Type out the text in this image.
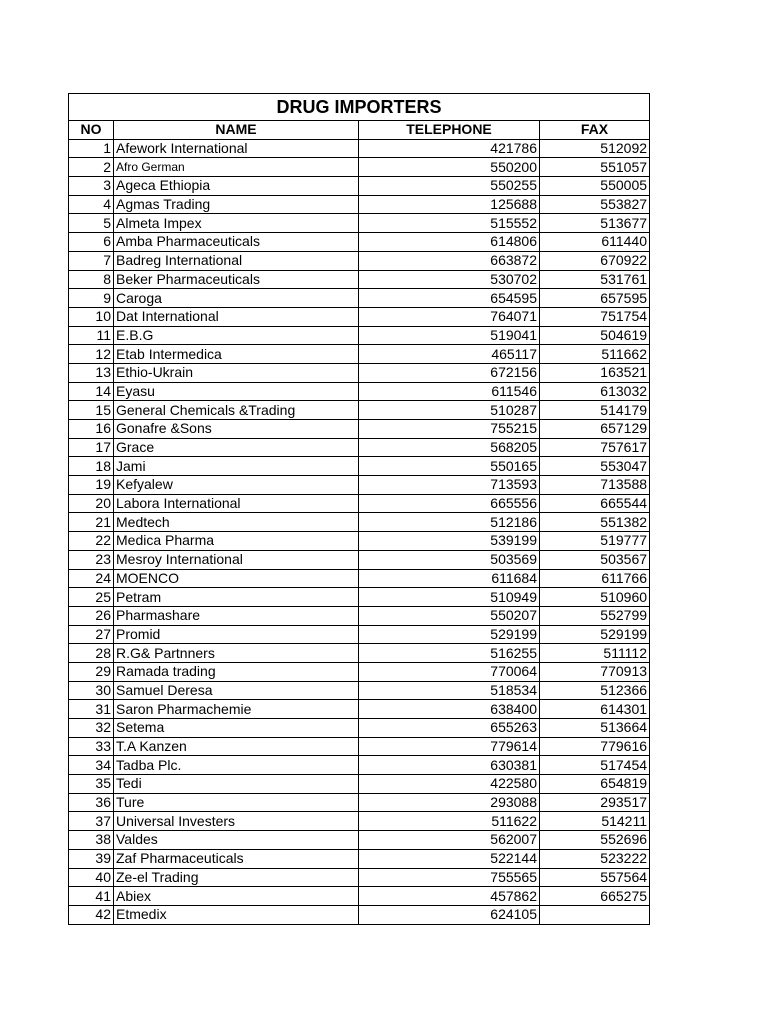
DRUG IMPORTERS			
NO	NAME	TELEPHONE	FAX
1	Afework International	421786	512092
2	Afro German	550200	551057
3	Ageca Ethiopia	550255	550005
4	Agmas Trading	125688	553827
5	Almeta Impex	515552	513677
6	Amba Pharmaceuticals	614806	611440
7	Badreg International	663872	670922
8	Beker Pharmaceuticals	530702	531761
9	Caroga	654595	657595
10	Dat International	764071	751754
11	E.B.G	519041	504619
12	Etab Intermedica	465117	511662
13	Ethio-Ukrain	672156	163521
14	Eyasu	611546	613032
15	General Chemicals &Trading	510287	514179
16	Gonafre &Sons	755215	657129
17	Grace	568205	757617
18	Jami	550165	553047
19	Kefyalew	713593	713588
20	Labora International	665556	665544
21	Medtech	512186	551382
22	Medica Pharma	539199	519777
23	Mesroy International	503569	503567
24	MOENCO	611684	611766
25	Petram	510949	510960
26	Pharmashare	550207	552799
27	Promid	529199	529199
28	R.G& Partnners	516255	511112
29	Ramada trading	770064	770913
30	Samuel Deresa	518534	512366
31	Saron Pharmachemie	638400	614301
32	Setema	655263	513664
33	T.A Kanzen	779614	779616
34	Tadba Plc.	630381	517454
35	Tedi	422580	654819
36	Ture	293088	293517
37	Universal Investers	511622	514211
38	Valdes	562007	552696
39	Zaf Pharmaceuticals	522144	523222
40	Ze-el Trading	755565	557564
41	Abiex	457862	665275
42	Etmedix	624105	
